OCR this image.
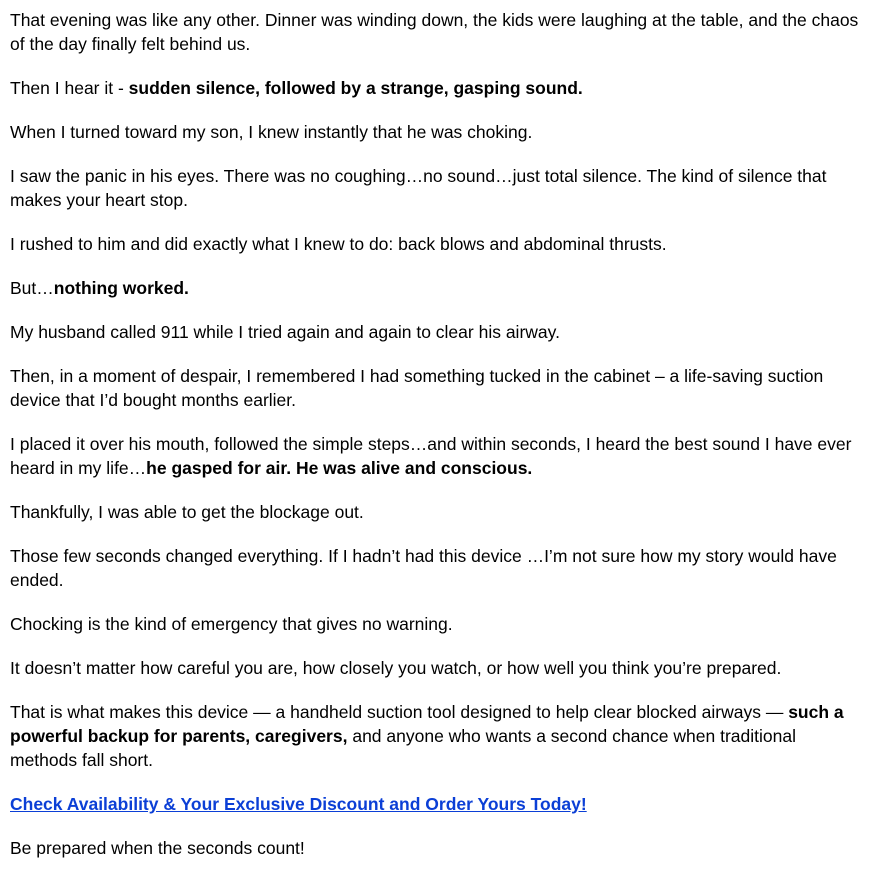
That evening was like any other. Dinner was winding down, the kids were laughing at the table, and the chaos of the day finally felt behind us.

Then I hear it - sudden silence, followed by a strange, gasping sound.

When I turned toward my son, I knew instantly that he was choking.

I saw the panic in his eyes. There was no coughing…no sound…just total silence. The kind of silence that makes your heart stop.

I rushed to him and did exactly what I knew to do: back blows and abdominal thrusts.

But…nothing worked.

My husband called 911 while I tried again and again to clear his airway.

Then, in a moment of despair, I remembered I had something tucked in the cabinet – a life-saving suction device that I’d bought months earlier.

I placed it over his mouth, followed the simple steps…and within seconds, I heard the best sound I have ever heard in my life…he gasped for air. He was alive and conscious.

Thankfully, I was able to get the blockage out.

Those few seconds changed everything. If I hadn’t had this device …I’m not sure how my story would have ended.

Chocking is the kind of emergency that gives no warning.

It doesn’t matter how careful you are, how closely you watch, or how well you think you’re prepared.

That is what makes this device — a handheld suction tool designed to help clear blocked airways — such a powerful backup for parents, caregivers, and anyone who wants a second chance when traditional methods fall short.

Check Availability & Your Exclusive Discount and Order Yours Today!

Be prepared when the seconds count!
